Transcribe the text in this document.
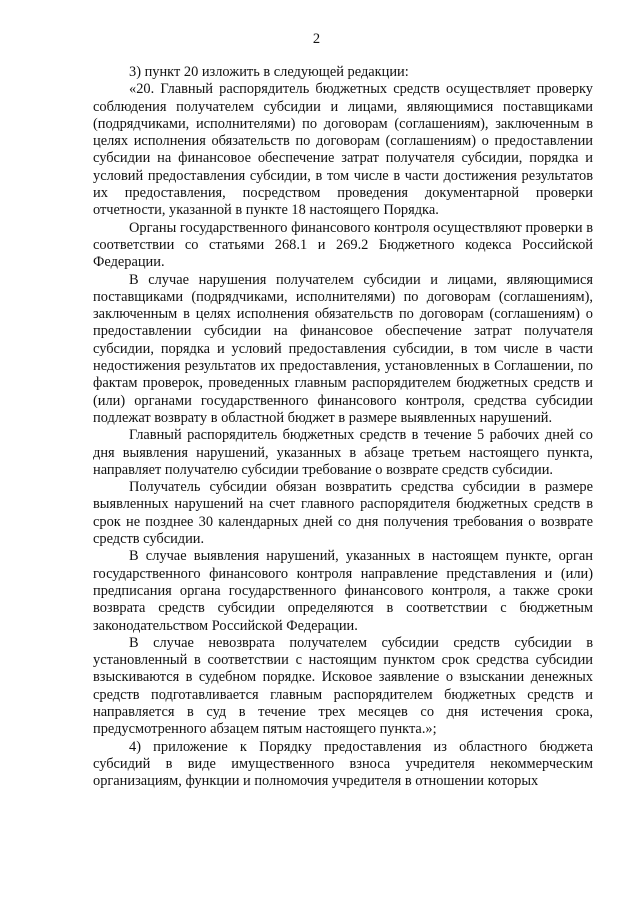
2

3) пункт 20 изложить в следующей редакции:

«20. Главный распорядитель бюджетных средств осуществляет проверку соблюдения получателем субсидии и лицами, являющимися поставщиками (подрядчиками, исполнителями) по договорам (соглашениям), заключенным в целях исполнения обязательств по договорам (соглашениям) о предоставлении субсидии на финансовое обеспечение затрат получателя субсидии, порядка и условий предоставления субсидии, в том числе в части достижения результатов их предоставления, посредством проведения документарной проверки отчетности, указанной в пункте 18 настоящего Порядка.

Органы государственного финансового контроля осуществляют проверки в соответствии со статьями 268.1 и 269.2 Бюджетного кодекса Российской Федерации.

В случае нарушения получателем субсидии и лицами, являющимися поставщиками (подрядчиками, исполнителями) по договорам (соглашениям), заключенным в целях исполнения обязательств по договорам (соглашениям) о предоставлении субсидии на финансовое обеспечение затрат получателя субсидии, порядка и условий предоставления субсидии, в том числе в части недостижения результатов их предоставления, установленных в Соглашении, по фактам проверок, проведенных главным распорядителем бюджетных средств и (или) органами государственного финансового контроля, средства субсидии подлежат возврату в областной бюджет в размере выявленных нарушений.

Главный распорядитель бюджетных средств в течение 5 рабочих дней со дня выявления нарушений, указанных в абзаце третьем настоящего пункта, направляет получателю субсидии требование о возврате средств субсидии.

Получатель субсидии обязан возвратить средства субсидии в размере выявленных нарушений на счет главного распорядителя бюджетных средств в срок не позднее 30 календарных дней со дня получения требования о возврате средств субсидии.

В случае выявления нарушений, указанных в настоящем пункте, орган государственного финансового контроля направление представления и (или) предписания органа государственного финансового контроля, а также сроки возврата средств субсидии определяются в соответствии с бюджетным законодательством Российской Федерации.

В случае невозврата получателем субсидии средств субсидии в установленный в соответствии с настоящим пунктом срок средства субсидии взыскиваются в судебном порядке. Исковое заявление о взыскании денежных средств подготавливается главным распорядителем бюджетных средств и направляется в суд в течение трех месяцев со дня истечения срока, предусмотренного абзацем пятым настоящего пункта.»;

4) приложение к Порядку предоставления из областного бюджета субсидий в виде имущественного взноса учредителя некоммерческим организациям, функции и полномочия учредителя в отношении которых
